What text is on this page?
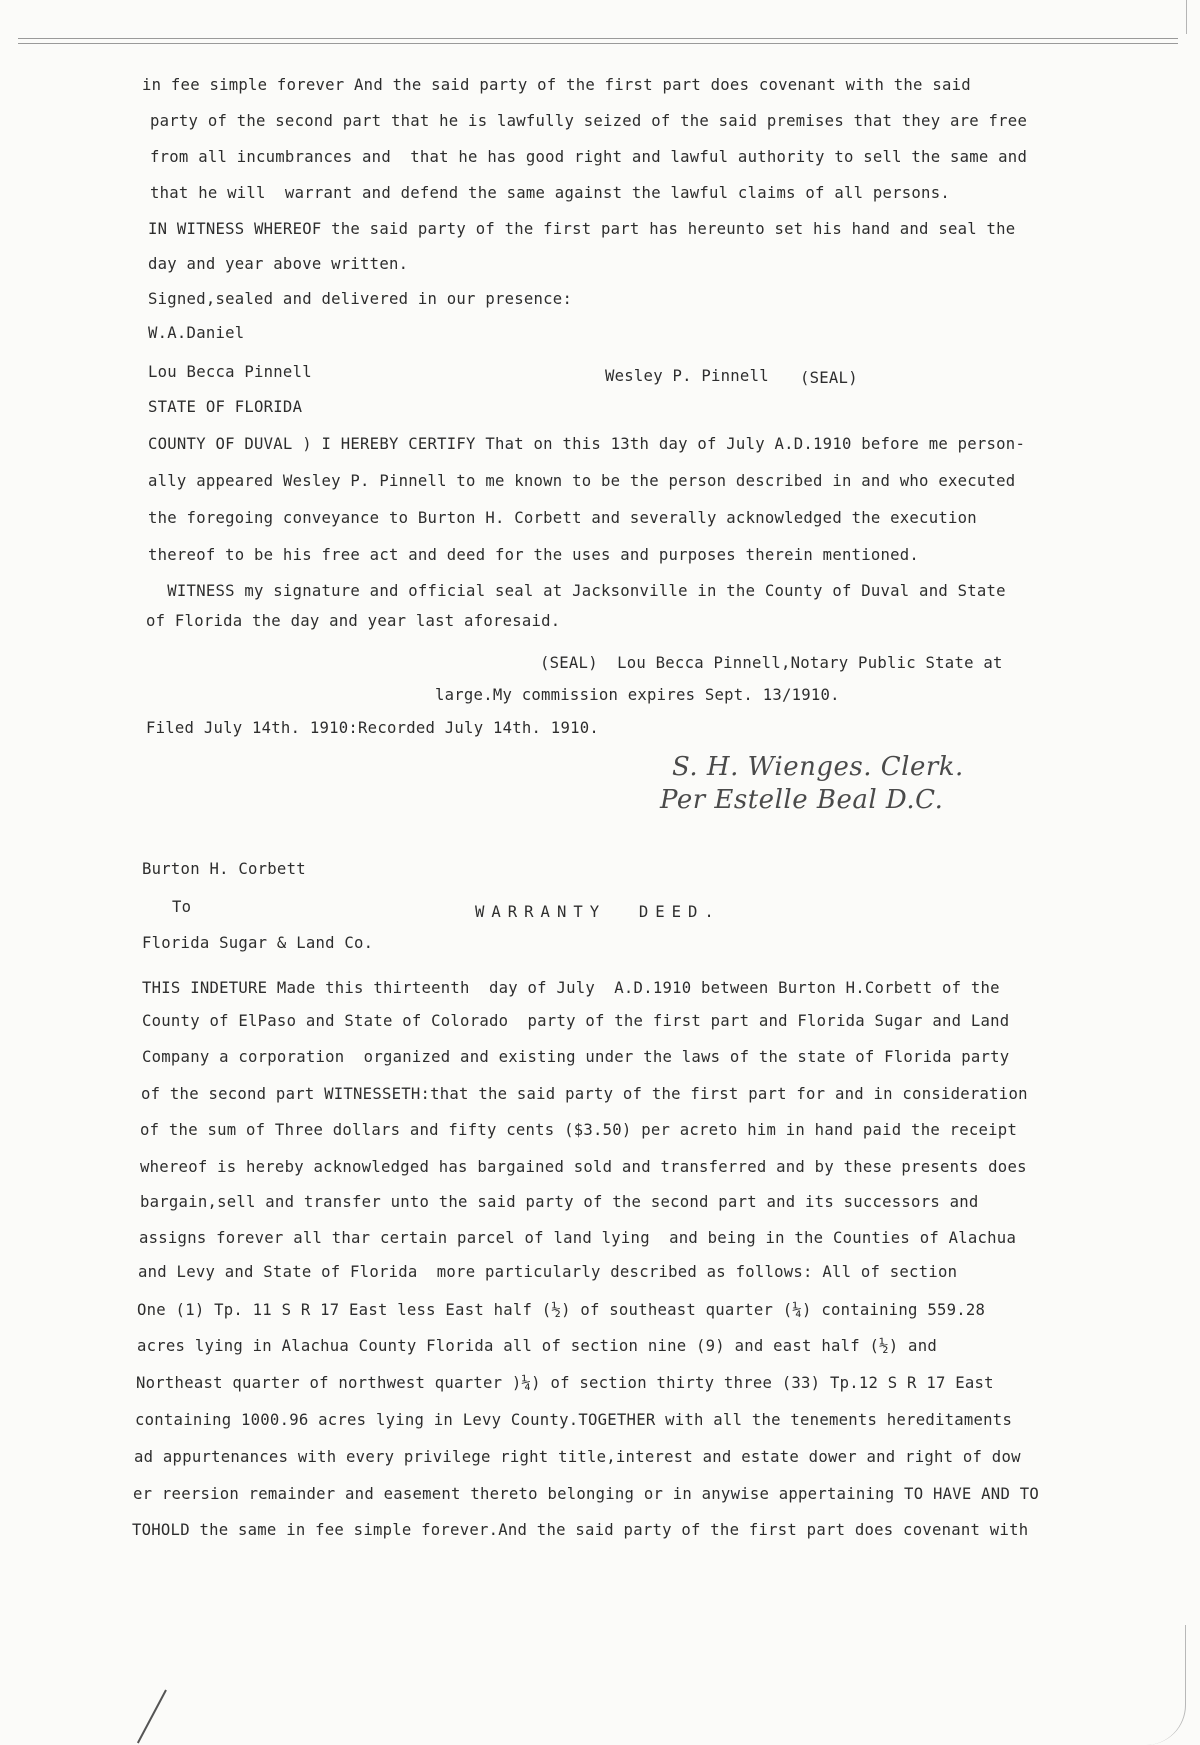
in fee simple forever And the said party of the first part does covenant with the said
party of the second part that he is lawfully seized of the said premises that they are free
from all incumbrances and  that he has good right and lawful authority to sell the same and
that he will  warrant and defend the same against the lawful claims of all persons.
IN WITNESS WHEREOF the said party of the first part has hereunto set his hand and seal the
day and year above written.
Signed,sealed and delivered in our presence:
W.A.Daniel
Lou Becca Pinnell	Wesley P. Pinnell (SEAL)
STATE OF FLORIDA
COUNTY OF DUVAL ) I HEREBY CERTIFY That on this 13th day of July A.D.1910 before me person-
ally appeared Wesley P. Pinnell to me known to be the person described in and who executed
the foregoing conveyance to Burton H. Corbett and severally acknowledged the execution
thereof to be his free act and deed for the uses and purposes therein mentioned.
WITNESS my signature and official seal at Jacksonville in the County of Duval and State
of Florida the day and year last aforesaid.
(SEAL)  Lou Becca Pinnell,Notary Public State at
large.My commission expires Sept. 13/1910.
Filed July 14th. 1910:Recorded July 14th. 1910.
S. H. Wienges. Clerk.
Per Estelle Beal D.C.
Burton H. Corbett
To	WARRANTY  DEED.
Florida Sugar & Land Co.
THIS INDETURE Made this thirteenth  day of July  A.D.1910 between Burton H.Corbett of the
County of ElPaso and State of Colorado  party of the first part and Florida Sugar and Land
Company a corporation  organized and existing under the laws of the state of Florida party
of the second part WITNESSETH:that the said party of the first part for and in consideration
of the sum of Three dollars and fifty cents ($3.50) per acreto him in hand paid the receipt
whereof is hereby acknowledged has bargained sold and transferred and by these presents does
bargain,sell and transfer unto the said party of the second part and its successors and
assigns forever all thar certain parcel of land lying  and being in the Counties of Alachua
and Levy and State of Florida  more particularly described as follows: All of section
One (1) Tp. 11 S R 17 East less East half (½) of southeast quarter (¼) containing 559.28
acres lying in Alachua County Florida all of section nine (9) and east half (½) and
Northeast quarter of northwest quarter )¼) of section thirty three (33) Tp.12 S R 17 East
containing 1000.96 acres lying in Levy County.TOGETHER with all the tenements hereditaments
ad appurtenances with every privilege right title,interest and estate dower and right of dow
er reersion remainder and easement thereto belonging or in anywise appertaining TO HAVE AND TO
TOHOLD the same in fee simple forever.And the said party of the first part does covenant with
